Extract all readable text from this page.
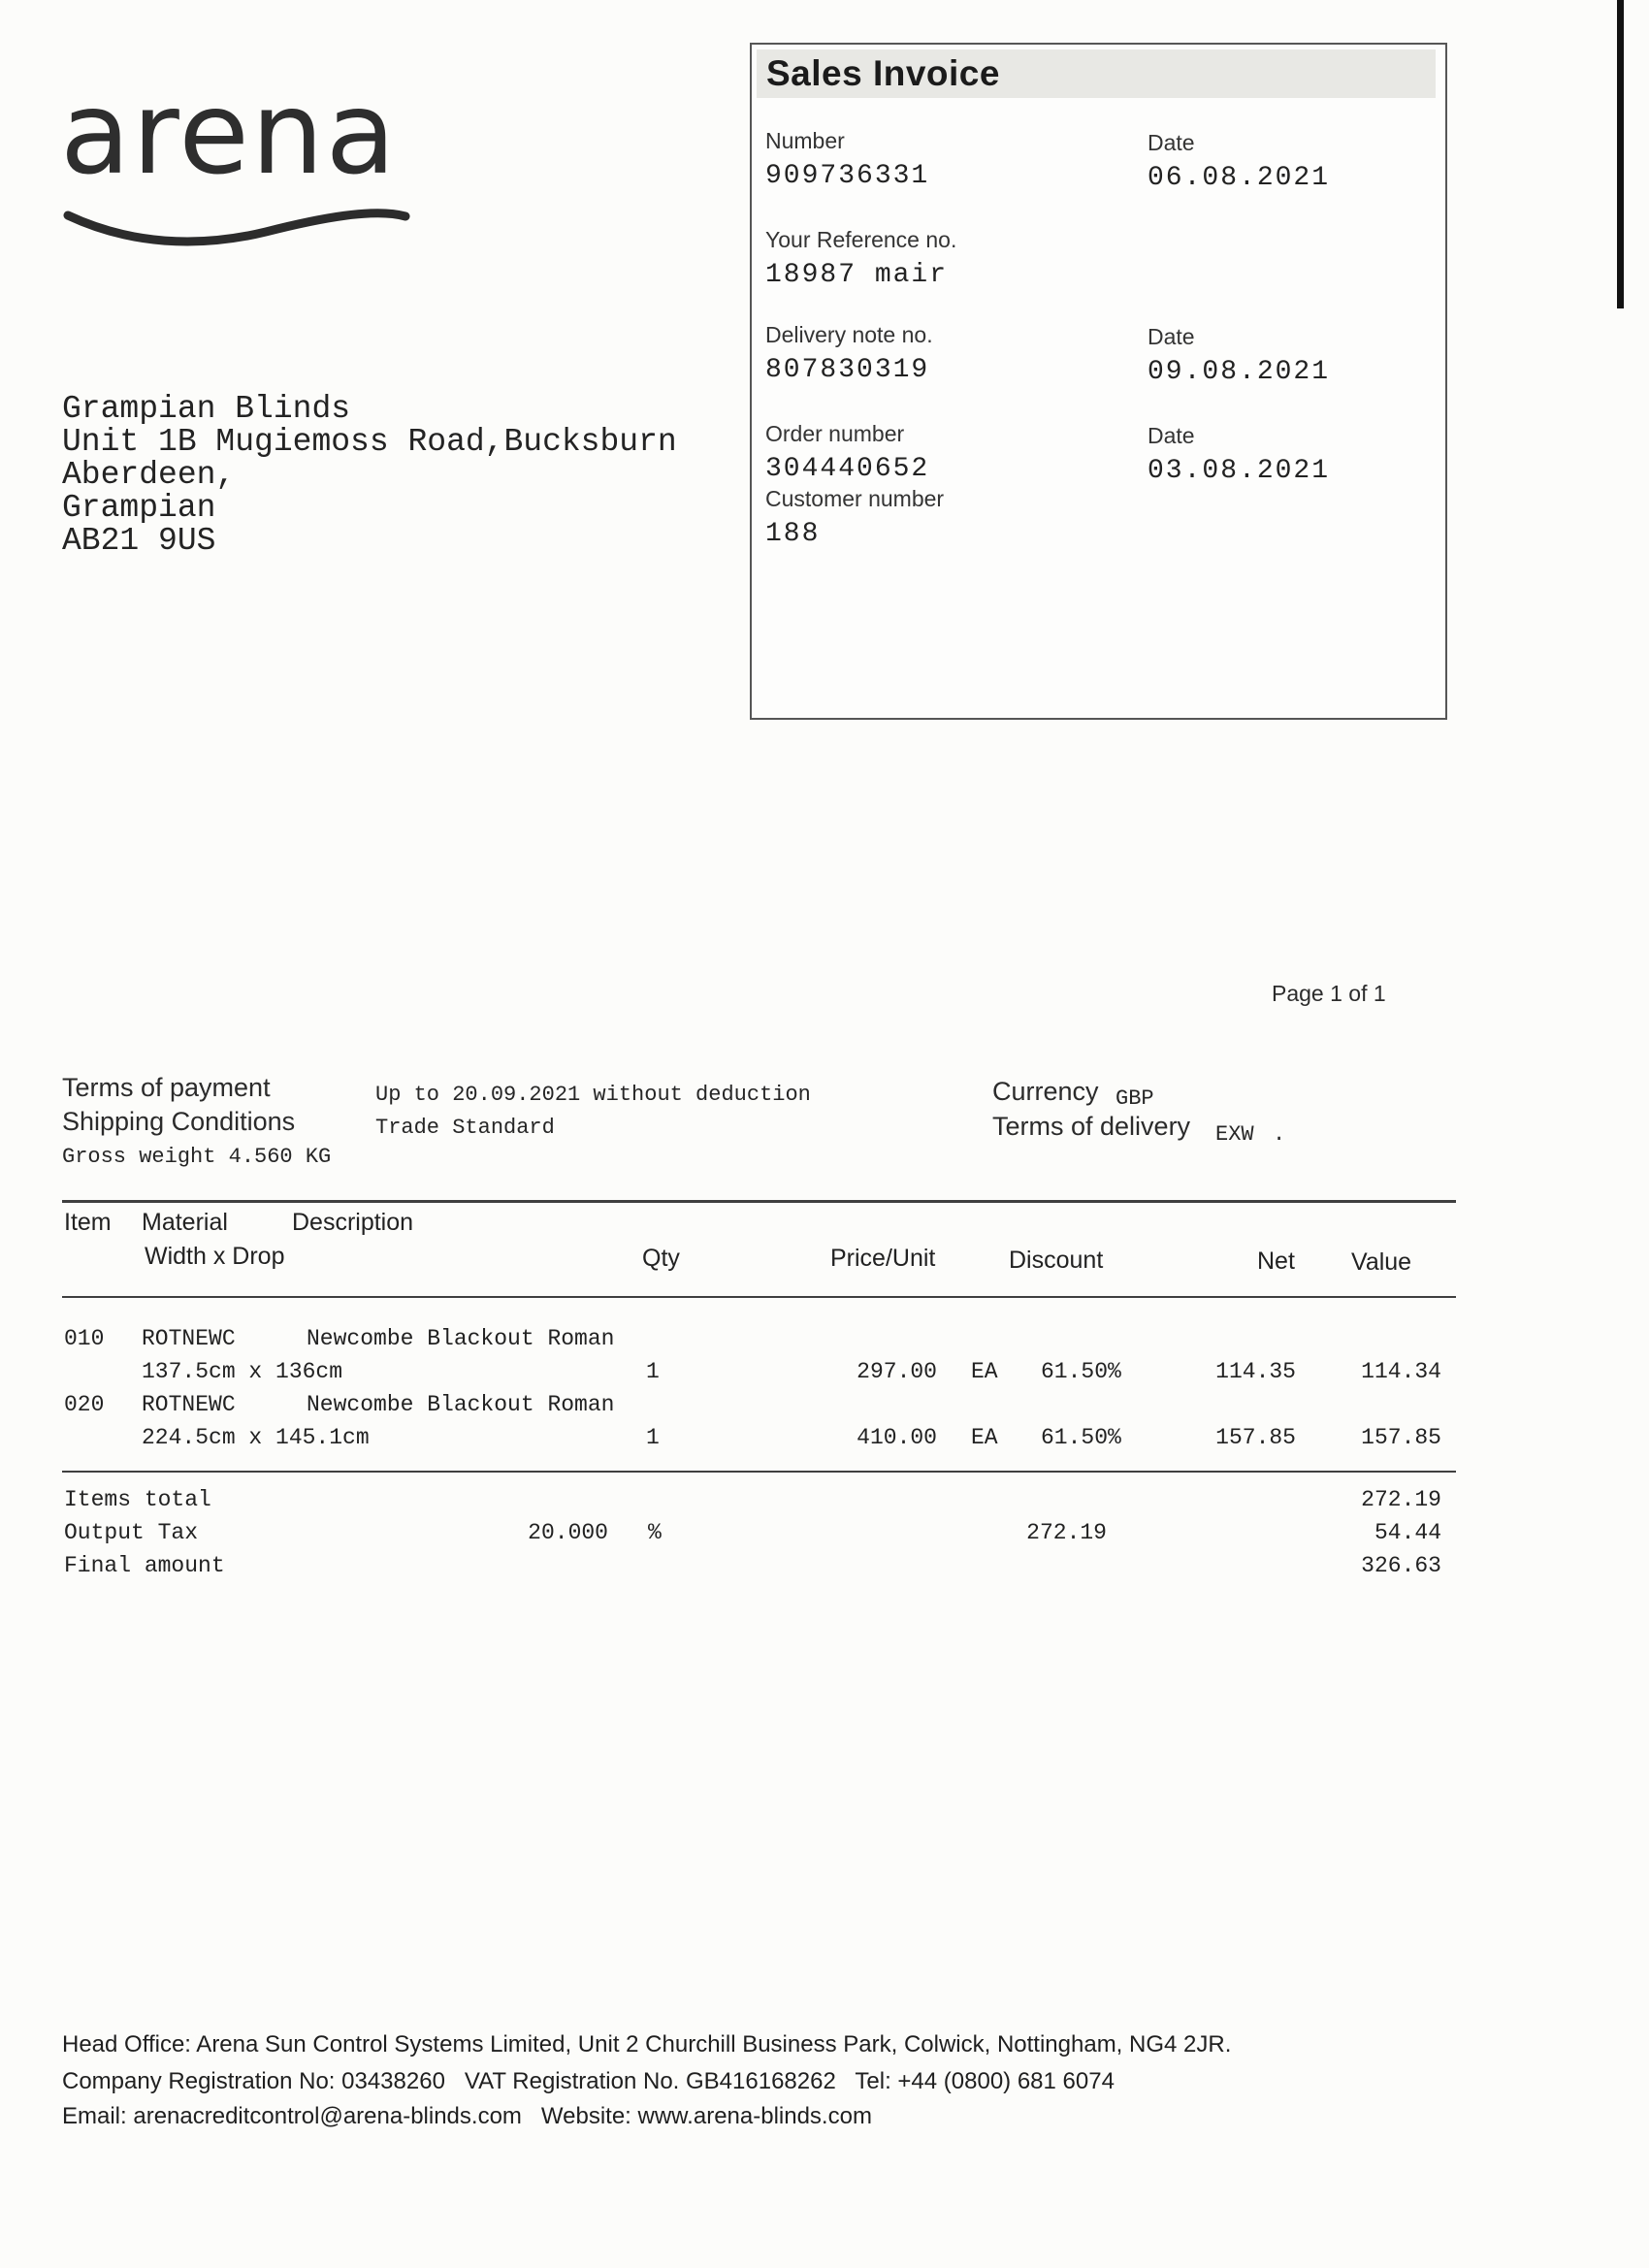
arena
Grampian Blinds
Unit 1B Mugiemoss Road,Bucksburn
Aberdeen,
Grampian
AB21 9US
Sales Invoice
Number
909736331
Date
06.08.2021
Your Reference no.
18987 mair
Delivery note no.
807830319
Date
09.08.2021
Order number
304440652
Date
03.08.2021
Customer number
188
Page 1 of 1
Terms of payment	Up to 20.09.2021 without deduction
Shipping Conditions	Trade Standard
Gross weight 4.560 KG
Currency GBP
Terms of delivery EXW .
Item Material	Description
Width x Drop	Qty	Price/Unit	Discount	Net Value
010 ROTNEWC	Newcombe Blackout Roman
137.5cm x 136cm	1	297.00 EA 61.50%	114.35	114.34
020 ROTNEWC	Newcombe Blackout Roman
224.5cm x 145.1cm	1	410.00 EA 61.50%	157.85	157.85
Items total	272.19
Output Tax	20.000 %	272.19	54.44
Final amount	326.63
Head Office: Arena Sun Control Systems Limited, Unit 2 Churchill Business Park, Colwick, Nottingham, NG4 2JR.
Company Registration No: 03438260   VAT Registration No. GB416168262   Tel: +44 (0800) 681 6074
Email: arenacreditcontrol@arena-blinds.com   Website: www.arena-blinds.com
